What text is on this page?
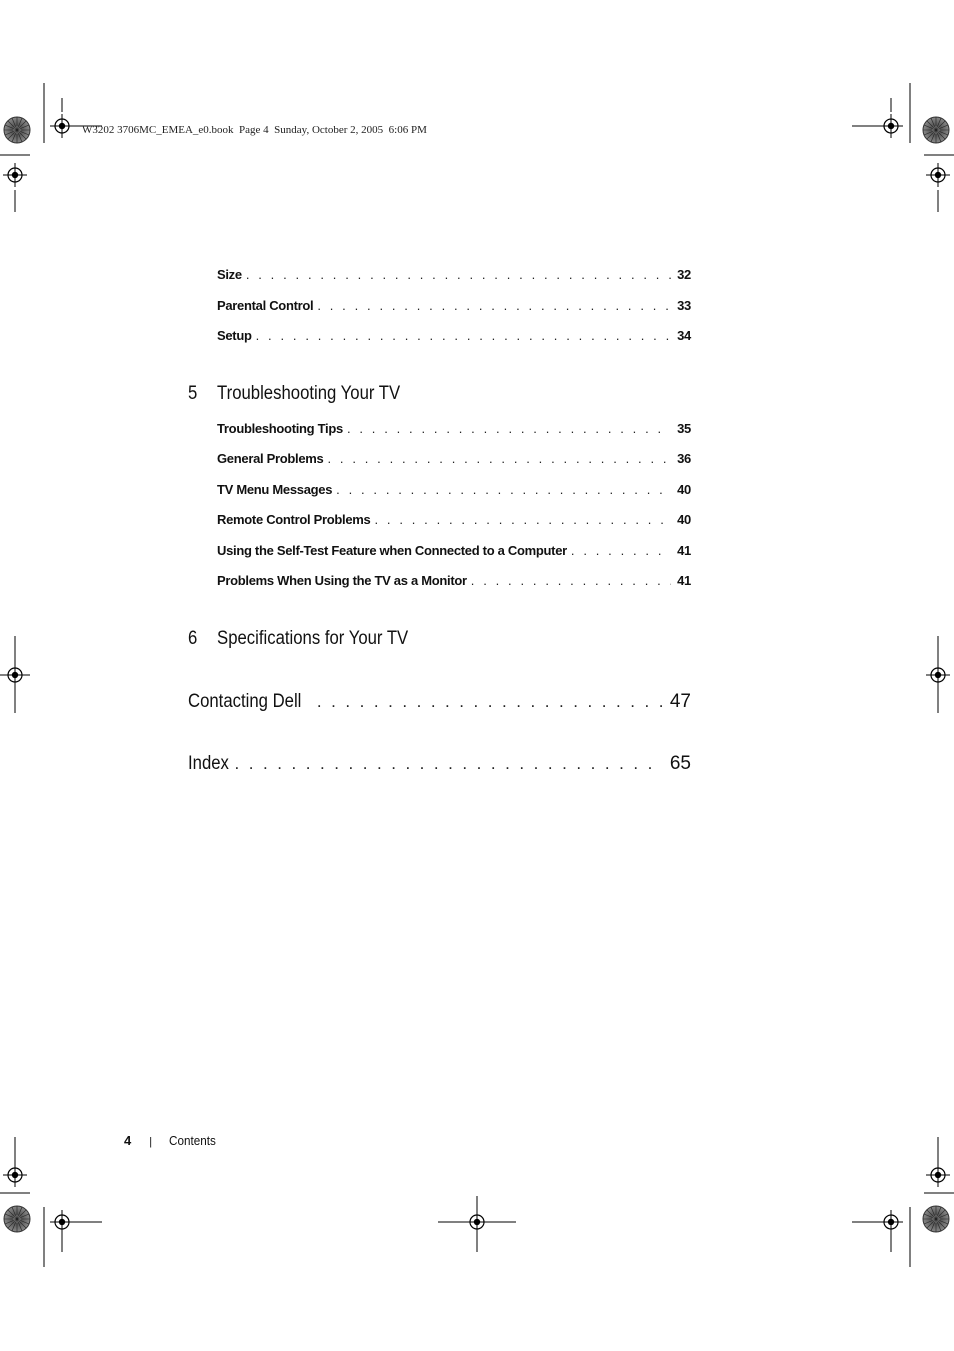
W3202 3706MC_EMEA_e0.book  Page 4  Sunday, October 2, 2005  6:06 PM
Size . . .	32
Parental Control . . .	33
Setup . . .	34
5 Troubleshooting Your TV
Troubleshooting Tips . . .	35
General Problems . . .	36
TV Menu Messages . . .	40
Remote Control Problems . . .	40
Using the Self-Test Feature when Connected to a Computer . . .	41
Problems When Using the TV as a Monitor . . .	41
6 Specifications for Your TV
Contacting Dell . . .	47
Index . . .	65
4 | Contents
